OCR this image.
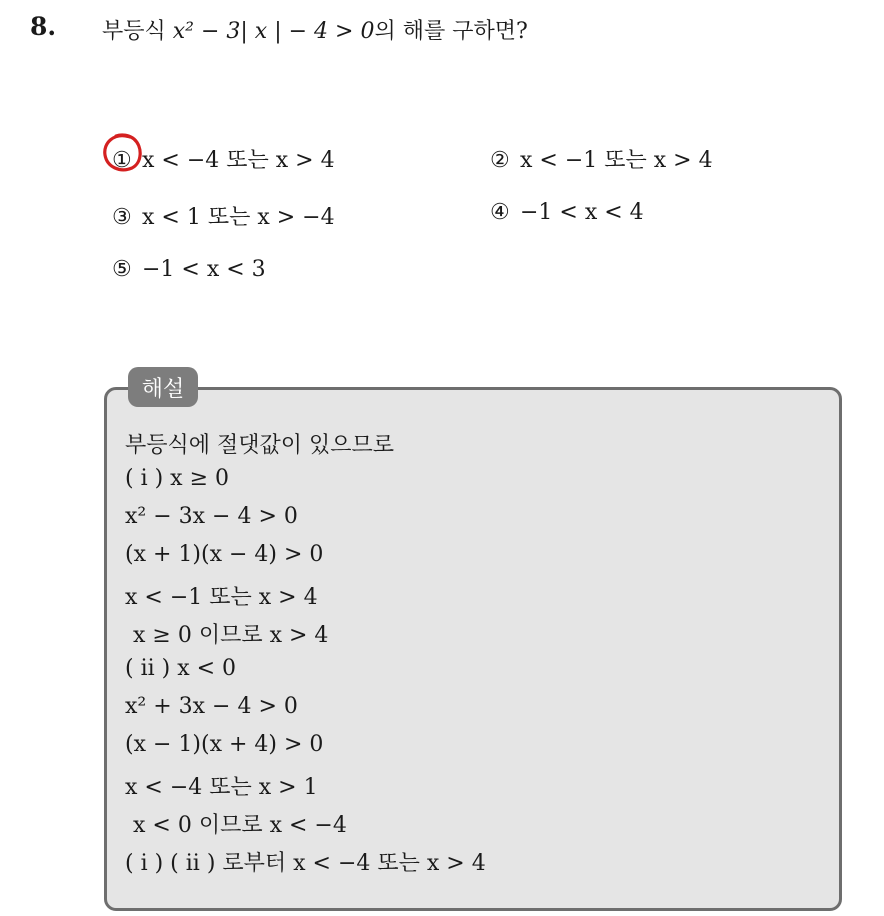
8. 부등식 x² − 3| x | − 4 > 0의 해를 구하면?
① x < −4 또는 x > 4	② x < −1 또는 x > 4
③ x < 1 또는 x > −4	④ −1 < x < 4
⑤ −1 < x < 3
해설
부등식에 절댓값이 있으므로
( i ) x ≥ 0
x² − 3x − 4 > 0
(x + 1)(x − 4) > 0
x < −1 또는 x > 4
x ≥ 0 이므로 x > 4
( ii ) x < 0
x² + 3x − 4 > 0
(x − 1)(x + 4) > 0
x < −4 또는 x > 1
x < 0 이므로 x < −4
( i ) ( ii ) 로부터 x < −4 또는 x > 4
